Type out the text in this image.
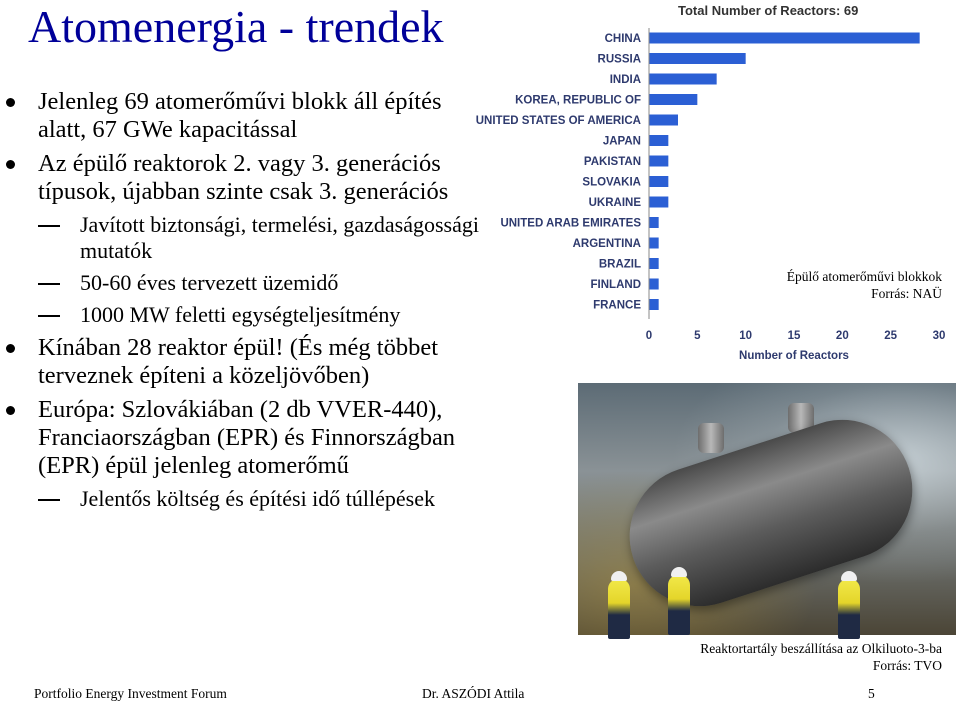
Atomenergia - trendek
Jelenleg 69 atomerőművi blokk áll építés alatt, 67 GWe kapacitással
Az épülő reaktorok 2. vagy 3. generációs típusok, újabban szinte csak 3. generációs
Javított biztonsági, termelési, gazdaságossági mutatók
50-60 éves tervezett üzemidő
1000 MW feletti egységteljesítmény
Kínában 28 reaktor épül! (És még többet terveznek építeni a közeljövőben)
Európa: Szlovákiában (2 db VVER-440), Franciaországban (EPR) és Finnországban (EPR) épül jelenleg atomerőmű
Jelentős költség és építési idő túllépések
Total Number of Reactors: 69
CHINA
RUSSIA
INDIA
KOREA, REPUBLIC OF
UNITED STATES OF AMERICA
JAPAN
PAKISTAN
SLOVAKIA
UKRAINE
UNITED ARAB EMIRATES
ARGENTINA
BRAZIL
FINLAND
FRANCE
0	5	10	15	20	25	30
Number of Reactors
Épülő atomerőművi blokkok
Forrás: NAÜ
Reaktortartály beszállítása az Olkiluoto-3-ba
Forrás: TVO
Portfolio Energy Investment Forum	Dr. ASZÓDI Attila	5
